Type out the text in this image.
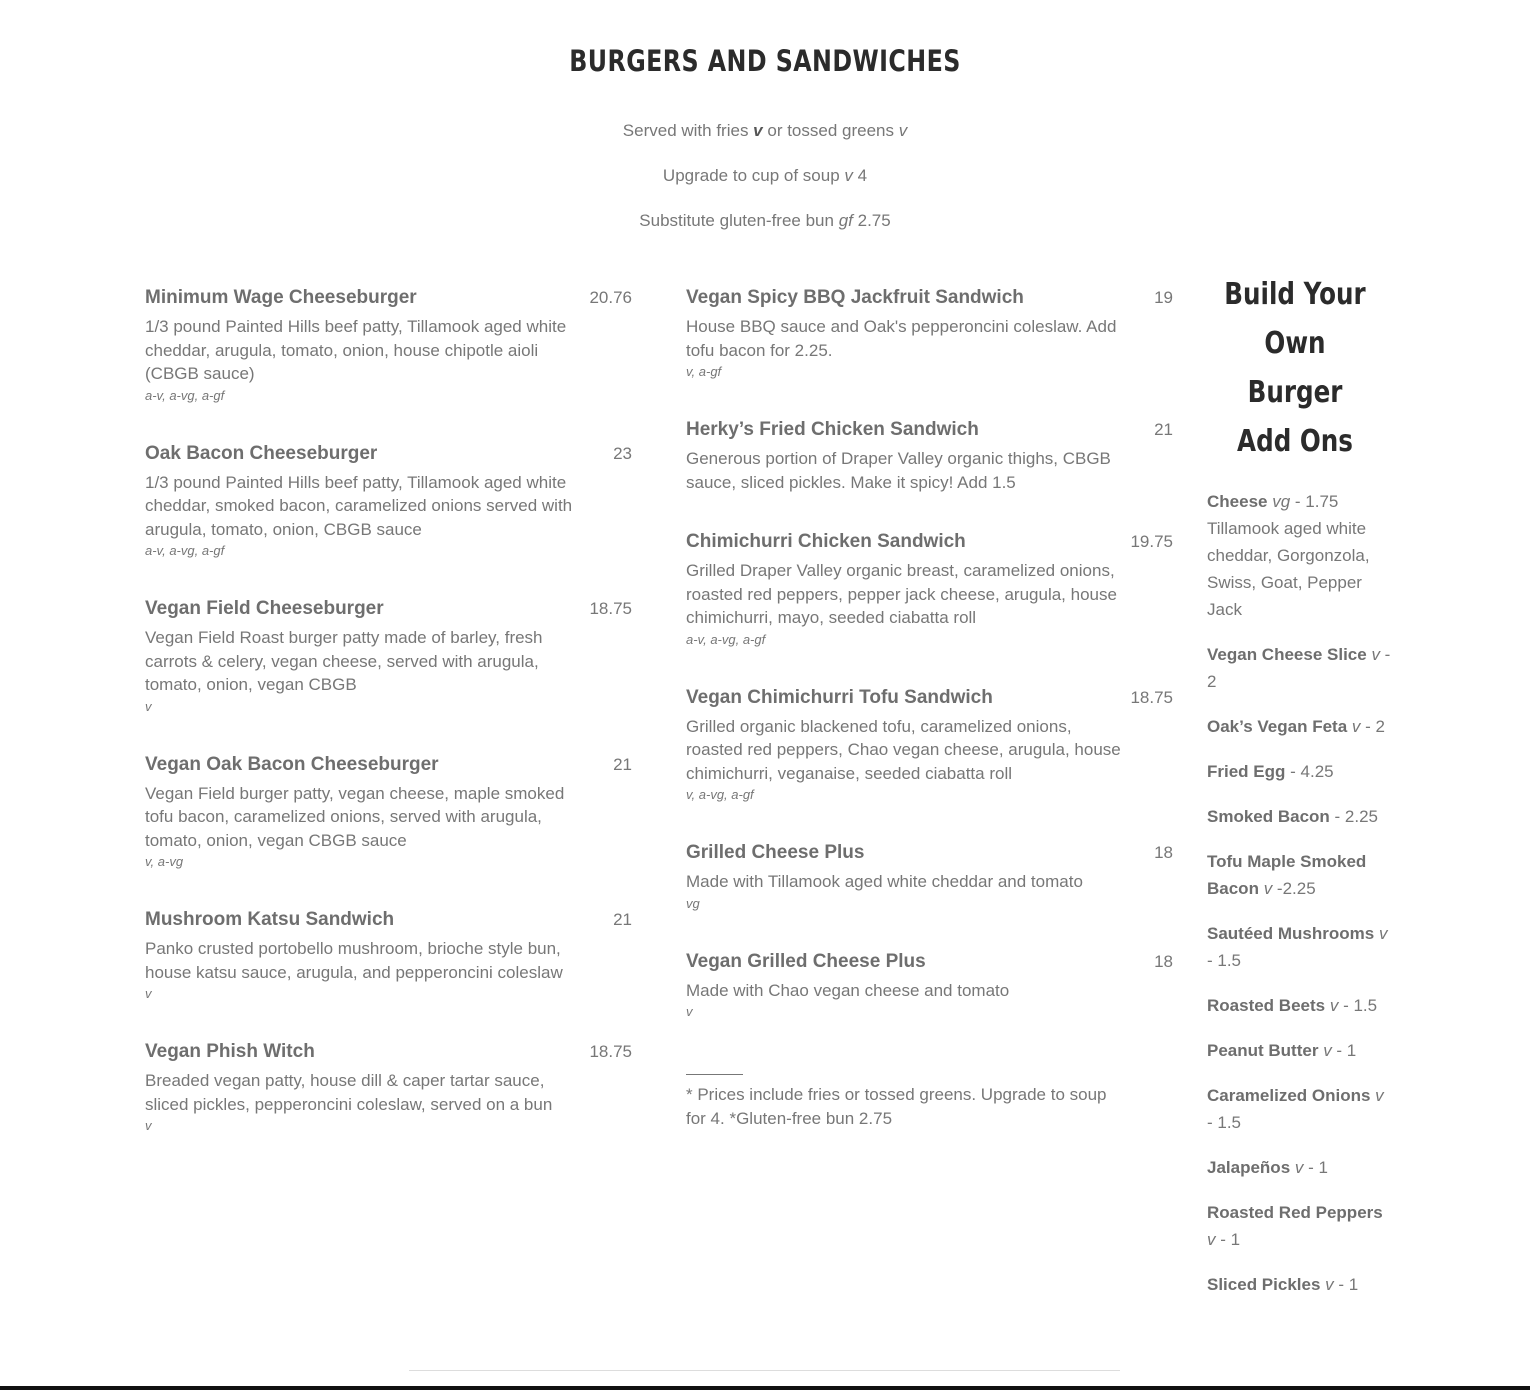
BURGERS AND SANDWICHES

Served with fries v or tossed greens v

Upgrade to cup of soup v 4

Substitute gluten-free bun gf 2.75

Minimum Wage Cheeseburger	20.76
1/3 pound Painted Hills beef patty, Tillamook aged white cheddar, arugula, tomato, onion, house chipotle aioli (CBGB sauce)
a-v, a-vg, a-gf
Oak Bacon Cheeseburger	23
1/3 pound Painted Hills beef patty, Tillamook aged white cheddar, smoked bacon, caramelized onions served with arugula, tomato, onion, CBGB sauce
a-v, a-vg, a-gf
Vegan Field Cheeseburger	18.75
Vegan Field Roast burger patty made of barley, fresh carrots & celery, vegan cheese, served with arugula, tomato, onion, vegan CBGB
v
Vegan Oak Bacon Cheeseburger	21
Vegan Field burger patty, vegan cheese, maple smoked tofu bacon, caramelized onions, served with arugula, tomato, onion, vegan CBGB sauce
v, a-vg
Mushroom Katsu Sandwich	21
Panko crusted portobello mushroom, brioche style bun, house katsu sauce, arugula, and pepperoncini coleslaw
v
Vegan Phish Witch	18.75
Breaded vegan patty, house dill & caper tartar sauce, sliced pickles, pepperoncini coleslaw, served on a bun
v
Vegan Spicy BBQ Jackfruit Sandwich	19
House BBQ sauce and Oak's pepperoncini coleslaw. Add tofu bacon for 2.25.
v, a-gf
Herky’s Fried Chicken Sandwich	21
Generous portion of Draper Valley organic thighs, CBGB sauce, sliced pickles. Make it spicy! Add 1.5
Chimichurri Chicken Sandwich	19.75
Grilled Draper Valley organic breast, caramelized onions, roasted red peppers, pepper jack cheese, arugula, house chimichurri, mayo, seeded ciabatta roll
a-v, a-vg, a-gf
Vegan Chimichurri Tofu Sandwich	18.75
Grilled organic blackened tofu, caramelized onions, roasted red peppers, Chao vegan cheese, arugula, house chimichurri, veganaise, seeded ciabatta roll
v, a-vg, a-gf
Grilled Cheese Plus	18
Made with Tillamook aged white cheddar and tomato
vg
Vegan Grilled Cheese Plus	18
Made with Chao vegan cheese and tomato
v
* Prices include fries or tossed greens. Upgrade to soup for 4. *Gluten-free bun 2.75
Build Your Own Burger Add Ons
Cheese vg - 1.75
Tillamook aged white cheddar, Gorgonzola, Swiss, Goat, Pepper Jack
Vegan Cheese Slice v - 2
Oak’s Vegan Feta v - 2
Fried Egg - 4.25
Smoked Bacon - 2.25
Tofu Maple Smoked Bacon v -2.25
Sautéed Mushrooms v - 1.5
Roasted Beets v - 1.5
Peanut Butter v - 1
Caramelized Onions v - 1.5
Jalapeños v - 1
Roasted Red Peppers v - 1
Sliced Pickles v - 1
